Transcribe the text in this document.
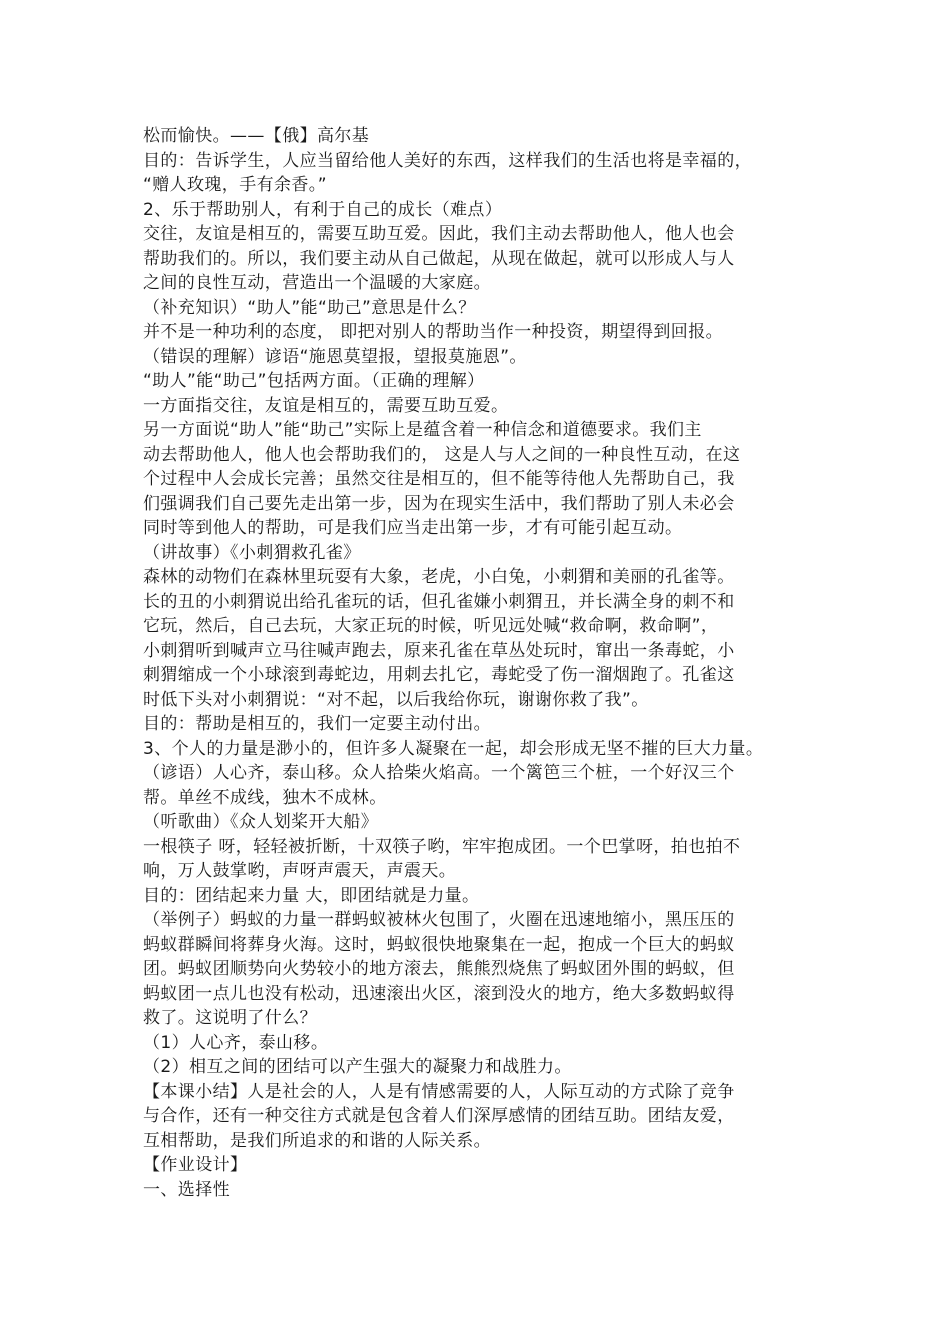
松而愉快。——【俄】高尔基
目的：告诉学生，人应当留给他人美好的东西，这样我们的生活也将是幸福的，
“赠人玫瑰，手有余香。”
2、乐于帮助别人，有利于自己的成长（难点）
交往，友谊是相互的，需要互助互爱。因此，我们主动去帮助他人，他人也会
帮助我们的。所以，我们要主动从自己做起，从现在做起，就可以形成人与人
之间的良性互动，营造出一个温暖的大家庭。
（补充知识）“助人”能“助己”意思是什么？
并不是一种功利的态度， 即把对别人的帮助当作一种投资，期望得到回报。
（错误的理解）谚语“施恩莫望报，望报莫施恩”。
“助人”能“助己”包括两方面。（正确的理解）
一方面指交往，友谊是相互的，需要互助互爱。
另一方面说“助人”能“助己”实际上是蕴含着一种信念和道德要求。我们主
动去帮助他人，他人也会帮助我们的， 这是人与人之间的一种良性互动，在这
个过程中人会成长完善；虽然交往是相互的，但不能等待他人先帮助自己，我
们强调我们自己要先走出第一步，因为在现实生活中，我们帮助了别人未必会
同时等到他人的帮助，可是我们应当走出第一步，才有可能引起互动。
（讲故事）《小刺猬救孔雀》
森林的动物们在森林里玩耍有大象，老虎，小白兔，小刺猬和美丽的孔雀等。
长的丑的小刺猬说出给孔雀玩的话，但孔雀嫌小刺猬丑，并长满全身的刺不和
它玩，然后，自己去玩，大家正玩的时候，听见远处喊“救命啊，救命啊”，
小刺猬听到喊声立马往喊声跑去，原来孔雀在草丛处玩时，窜出一条毒蛇，小
刺猬缩成一个小球滚到毒蛇边，用刺去扎它，毒蛇受了伤一溜烟跑了。孔雀这
时低下头对小刺猬说：“对不起，以后我给你玩，谢谢你救了我”。
目的：帮助是相互的，我们一定要主动付出。
3、个人的力量是渺小的，但许多人凝聚在一起，却会形成无坚不摧的巨大力量。
（谚语）人心齐，泰山移。众人拾柴火焰高。一个篱笆三个桩，一个好汉三个
帮。单丝不成线，独木不成林。
（听歌曲）《众人划桨开大船》
一根筷子 呀，轻轻被折断，十双筷子哟，牢牢抱成团。一个巴掌呀，拍也拍不
响，万人鼓掌哟，声呀声震天，声震天。
目的：团结起来力量 大，即团结就是力量。
（举例子）蚂蚁的力量一群蚂蚁被林火包围了，火圈在迅速地缩小，黑压压的
蚂蚁群瞬间将葬身火海。这时，蚂蚁很快地聚集在一起，抱成一个巨大的蚂蚁
团。蚂蚁团顺势向火势较小的地方滚去，熊熊烈烧焦了蚂蚁团外围的蚂蚁，但
蚂蚁团一点儿也没有松动，迅速滚出火区，滚到没火的地方，绝大多数蚂蚁得
救了。这说明了什么？
（1）人心齐，泰山移。
（2）相互之间的团结可以产生强大的凝聚力和战胜力。
【本课小结】人是社会的人，人是有情感需要的人，人际互动的方式除了竞争
与合作，还有一种交往方式就是包含着人们深厚感情的团结互助。团结友爱，
互相帮助，是我们所追求的和谐的人际关系。
【作业设计】
一、选择性
